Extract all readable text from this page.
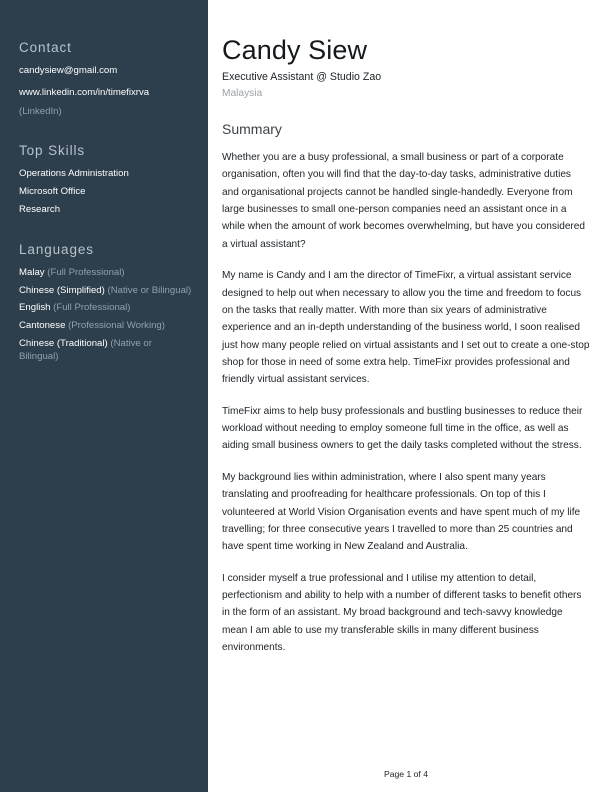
Contact

candysiew@gmail.com

www.linkedin.com/in/timefixrva

(LinkedIn)

Top Skills

Operations Administration

Microsoft Office

Research

Languages

Malay (Full Professional)

Chinese (Simplified) (Native or Bilingual)

English (Full Professional)

Cantonese (Professional Working)

Chinese (Traditional) (Native or Bilingual)

Candy Siew

Executive Assistant @ Studio Zao

Malaysia

Summary

Whether you are a busy professional, a small business or part of a corporate organisation, often you will find that the day-to-day tasks, administrative duties and organisational projects cannot be handled single-handedly. Everyone from large businesses to small one-person companies need an assistant once in a while when the amount of work becomes overwhelming, but have you considered a virtual assistant?

My name is Candy and I am the director of TimeFixr, a virtual assistant service designed to help out when necessary to allow you the time and freedom to focus on the tasks that really matter. With more than six years of administrative experience and an in-depth understanding of the business world, I soon realised just how many people relied on virtual assistants and I set out to create a one-stop shop for those in need of some extra help. TimeFixr provides professional and friendly virtual assistant services.

TimeFixr aims to help busy professionals and bustling businesses to reduce their workload without needing to employ someone full time in the office, as well as aiding small business owners to get the daily tasks completed without the stress.

My background lies within administration, where I also spent many years translating and proofreading for healthcare professionals. On top of this I volunteered at World Vision Organisation events and have spent much of my life travelling; for three consecutive years I travelled to more than 25 countries and have spent time working in New Zealand and Australia.

I consider myself a true professional and I utilise my attention to detail, perfectionism and ability to help with a number of different tasks to benefit others in the form of an assistant. My broad background and tech-savvy knowledge mean I am able to use my transferable skills in many different business environments.

Page 1 of 4
